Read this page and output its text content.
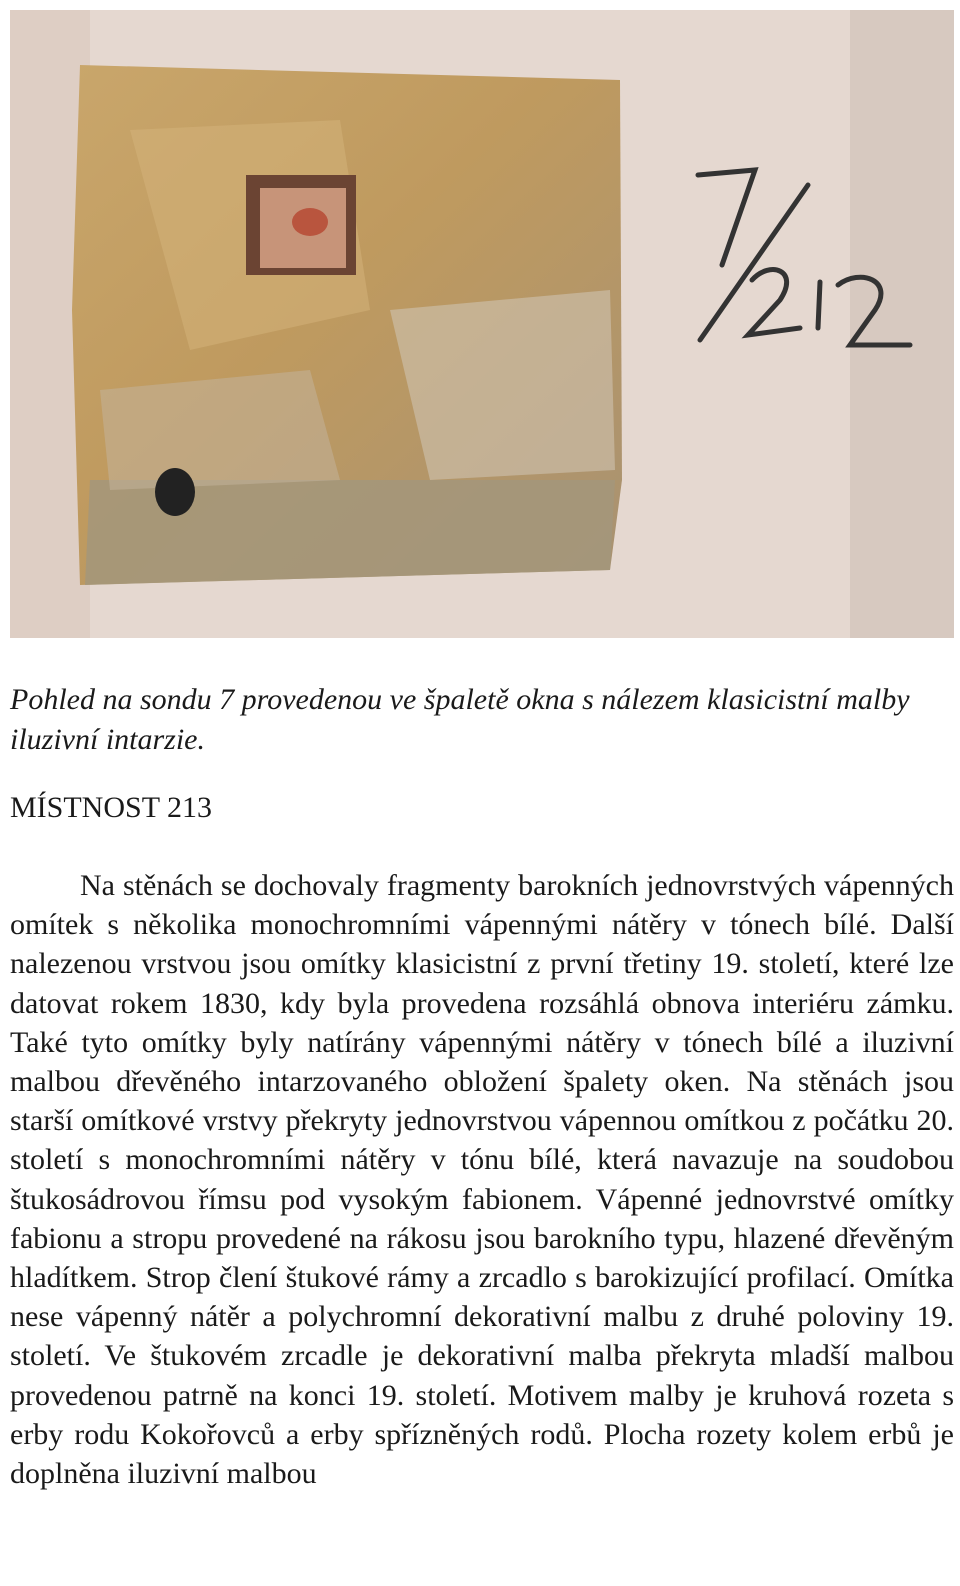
Pohled na sondu 7 provedenou ve špaletě okna s nálezem klasicistní malby iluzivní intarzie.
MÍSTNOST 213

Na stěnách se dochovaly fragmenty barokních jednovrstvých vápenných omítek s několika monochromními vápennými nátěry v tónech bílé. Další nalezenou vrstvou jsou omítky klasicistní z první třetiny 19. století, které lze datovat rokem 1830, kdy byla provedena rozsáhlá obnova interiéru zámku. Také tyto omítky byly natírány vápennými nátěry v tónech bílé a iluzivní malbou dřevěného intarzovaného obložení špalety oken. Na stěnách jsou starší omítkové vrstvy překryty jednovrstvou vápennou omítkou z počátku 20. století s monochromními nátěry v tónu bílé, která navazuje na soudobou štukosádrovou římsu pod vysokým fabionem. Vápenné jednovrstvé omítky fabionu a stropu provedené na rákosu jsou barokního typu, hlazené dřevěným hladítkem. Strop člení štukové rámy a zrcadlo s barokizující profilací. Omítka nese vápenný nátěr a polychromní dekorativní malbu z druhé poloviny 19. století. Ve štukovém zrcadle je dekorativní malba překryta mladší malbou provedenou patrně na konci 19. století. Motivem malby je kruhová rozeta s erby rodu Kokořovců a erby spřízněných rodů. Plocha rozety kolem erbů je doplněna iluzivní malbou
